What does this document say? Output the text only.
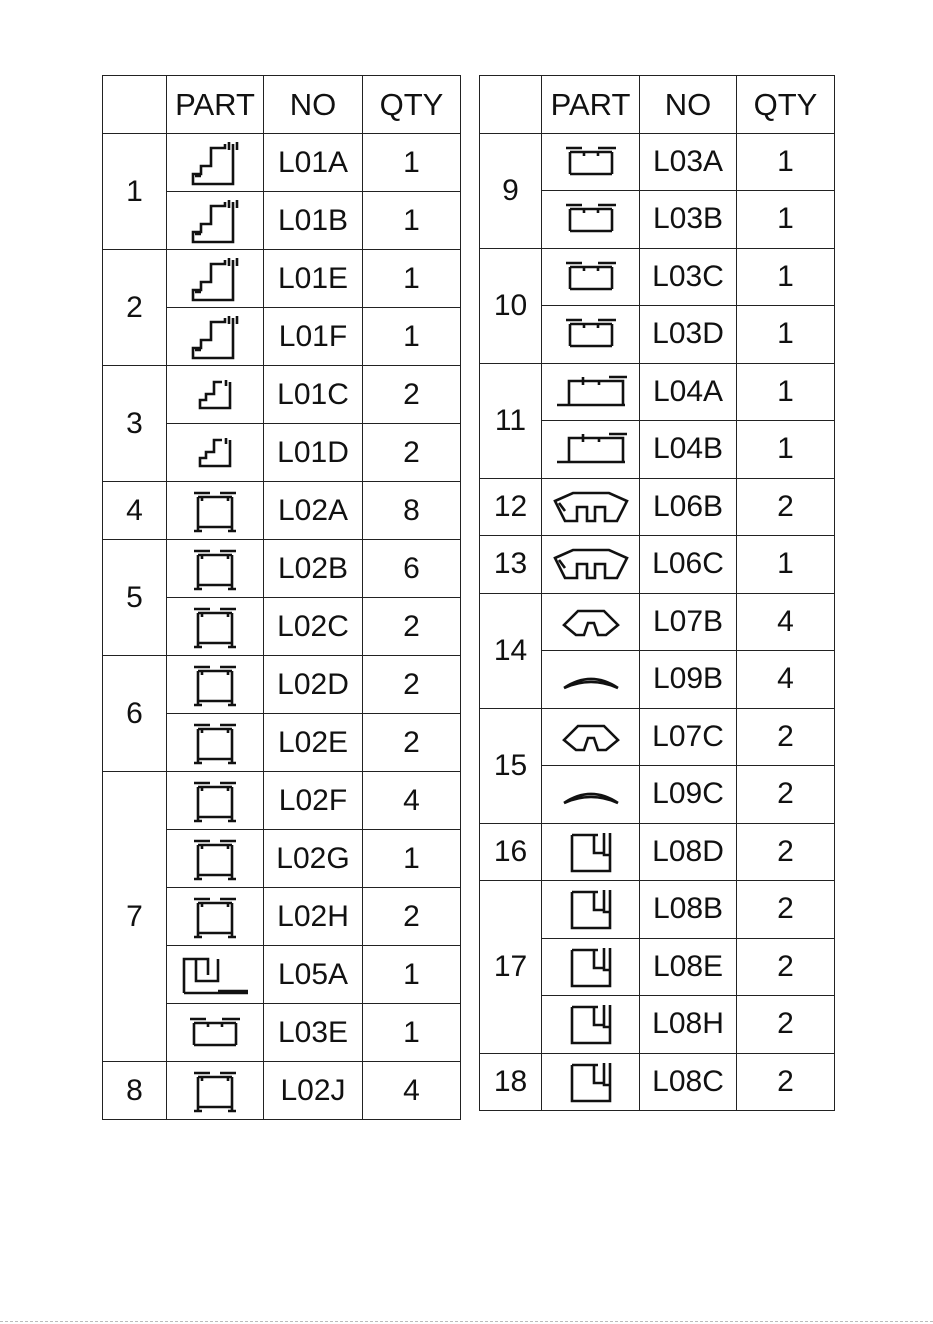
	PART	NO	QTY
1		L01A	1

	L01B	1
2		L01E	1

	L01F	1
3		L01C	2

	L01D	2
4		L02A	8
5		L02B	6

	L02C	2
6		L02D	2

	L02E	2
7		L02F	4

	L02G	1

	L02H	2

	L05A	1

	L03E	1
8		L02J	4
	PART	NO	QTY
9		L03A	1

	L03B	1
10		L03C	1

	L03D	1
11		L04A	1

	L04B	1
12		L06B	2
13		L06C	1
14		L07B	4

	L09B	4
15		L07C	2

	L09C	2
16		L08D	2
17		L08B	2

	L08E	2

	L08H	2
18		L08C	2
